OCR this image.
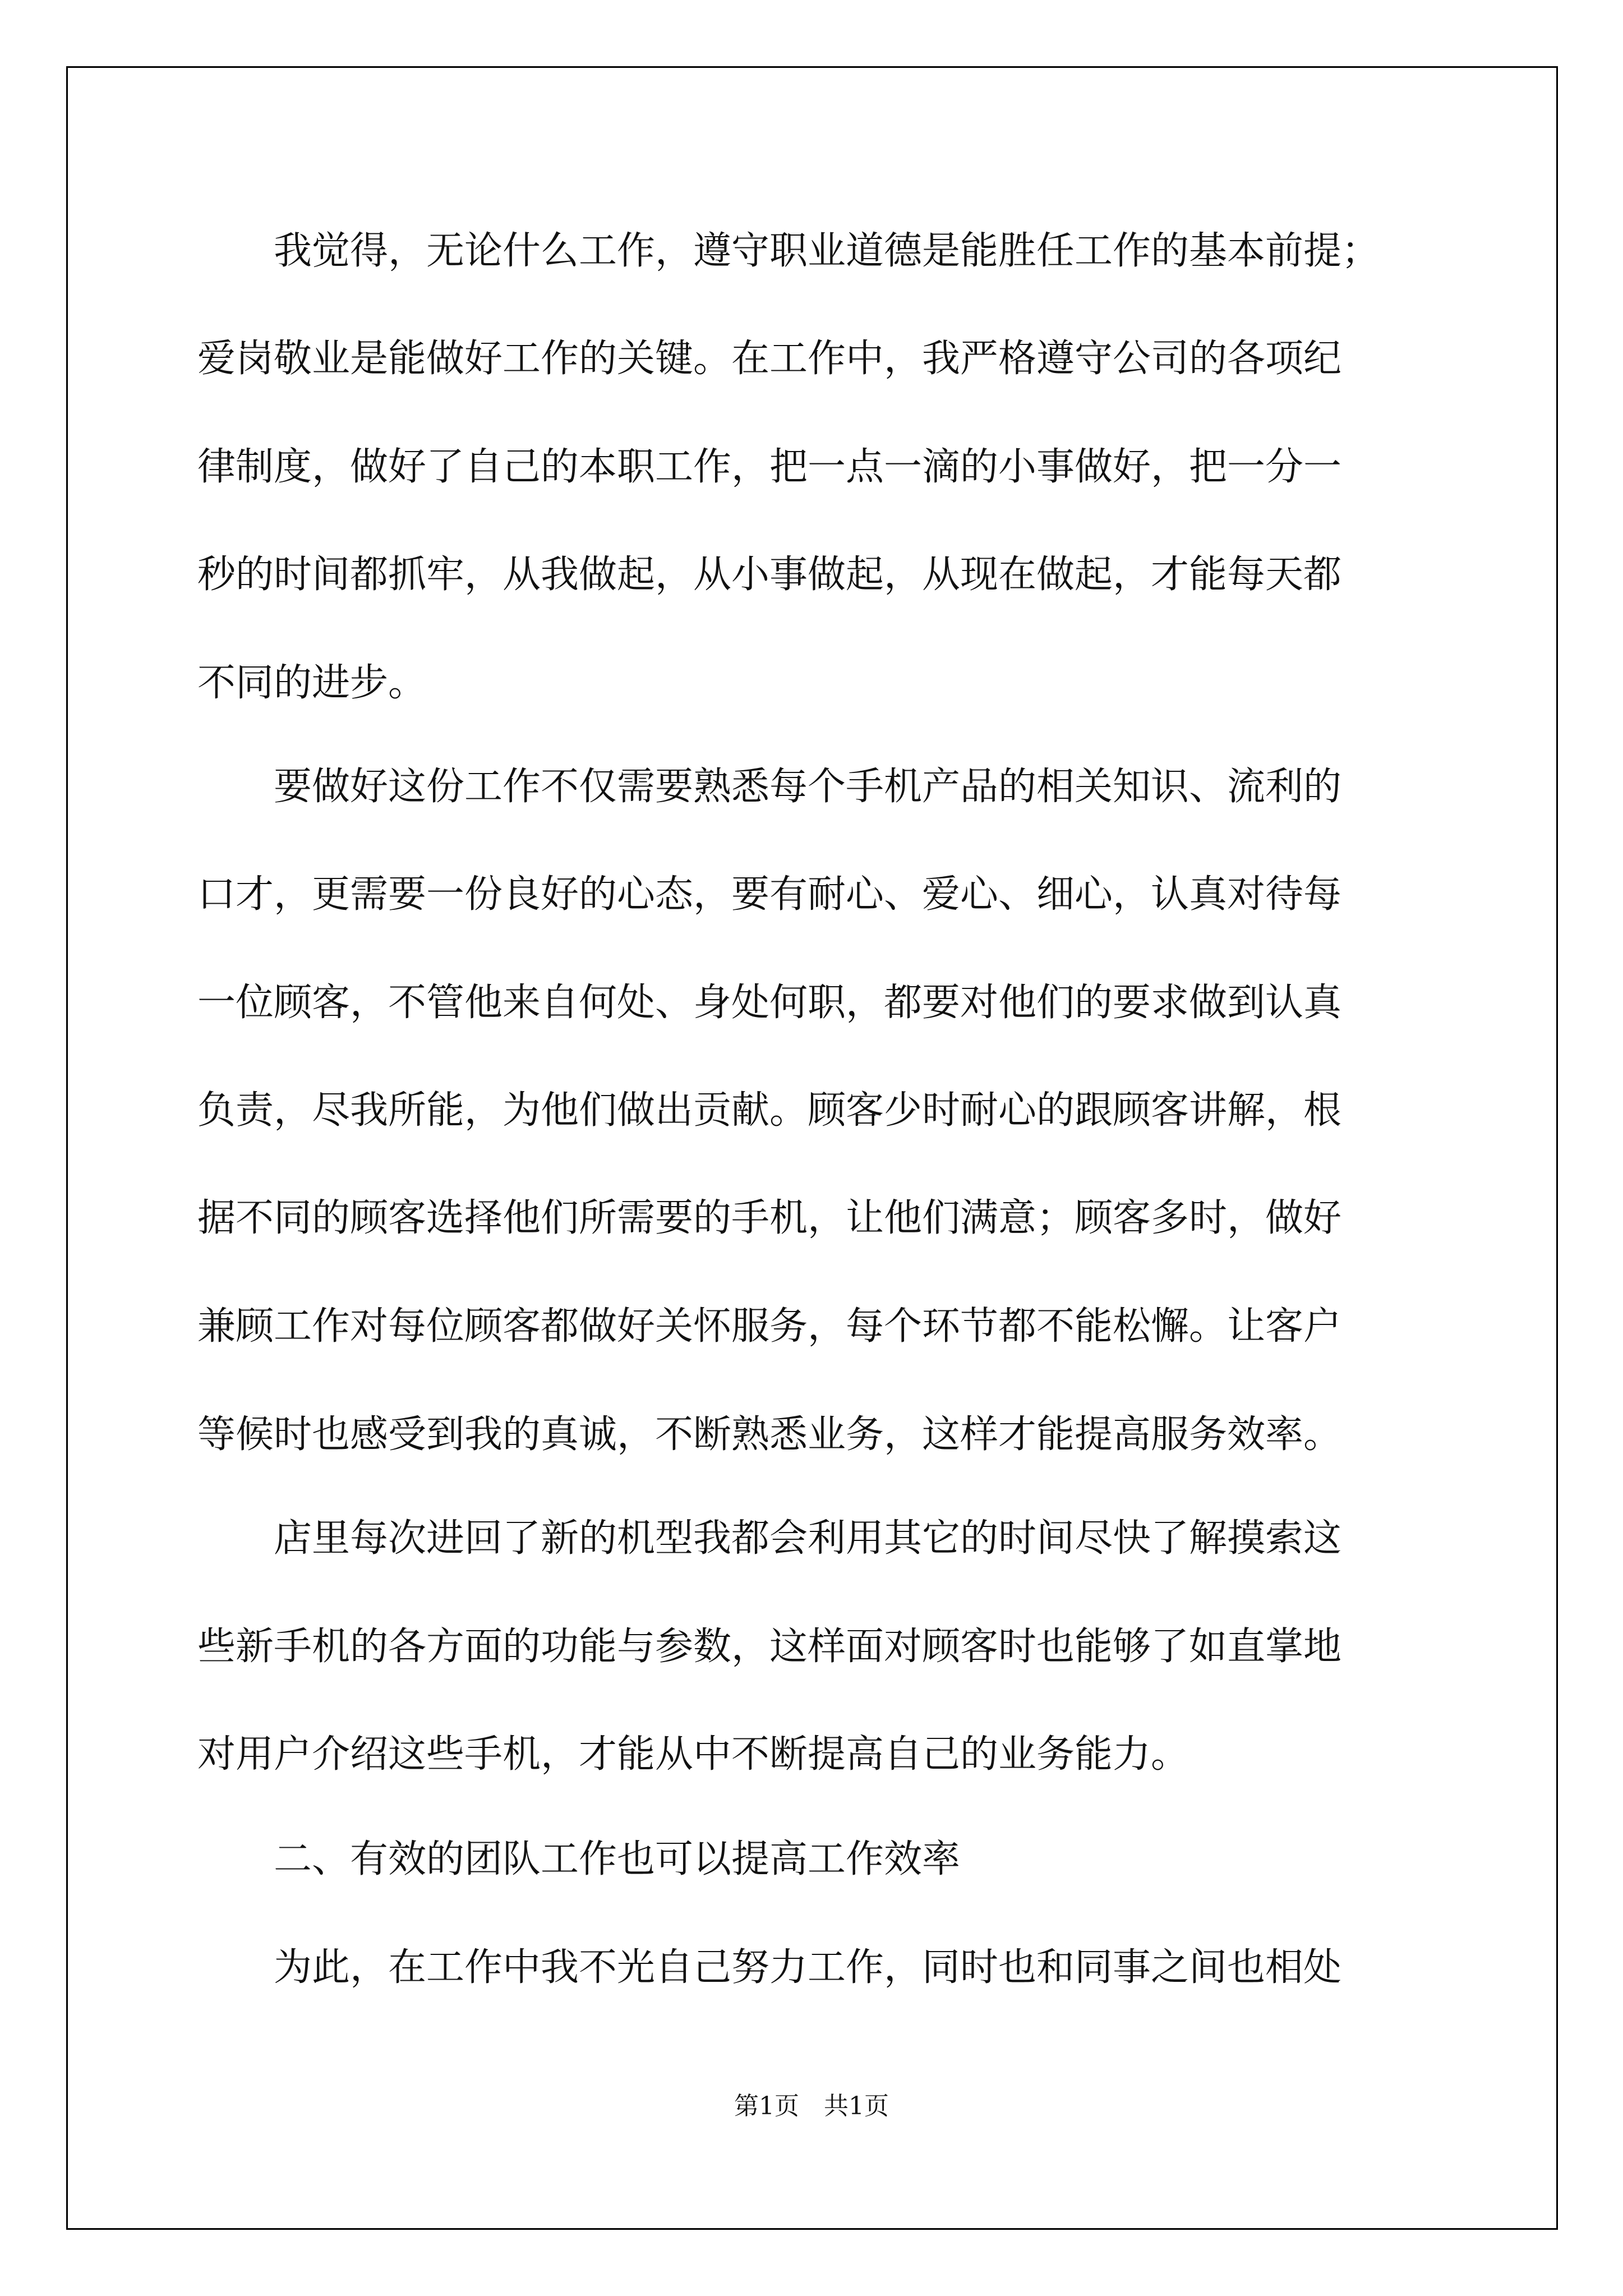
　　我觉得，无论什么工作，遵守职业道德是能胜任工作的基本前提；

爱岗敬业是能做好工作的关键。在工作中，我严格遵守公司的各项纪

律制度，做好了自己的本职工作，把一点一滴的小事做好，把一分一

秒的时间都抓牢，从我做起，从小事做起，从现在做起，才能每天都

不同的进步。

　　要做好这份工作不仅需要熟悉每个手机产品的相关知识、流利的

口才，更需要一份良好的心态，要有耐心、爱心、细心，认真对待每

一位顾客，不管他来自何处、身处何职，都要对他们的要求做到认真

负责，尽我所能，为他们做出贡献。顾客少时耐心的跟顾客讲解，根

据不同的顾客选择他们所需要的手机，让他们满意；顾客多时，做好

兼顾工作对每位顾客都做好关怀服务，每个环节都不能松懈。让客户

等候时也感受到我的真诚，不断熟悉业务，这样才能提高服务效率。

　　店里每次进回了新的机型我都会利用其它的时间尽快了解摸索这

些新手机的各方面的功能与参数，这样面对顾客时也能够了如直掌地

对用户介绍这些手机，才能从中不断提高自己的业务能力。

　　二、有效的团队工作也可以提高工作效率

　　为此，在工作中我不光自己努力工作，同时也和同事之间也相处

第1页　共1页
